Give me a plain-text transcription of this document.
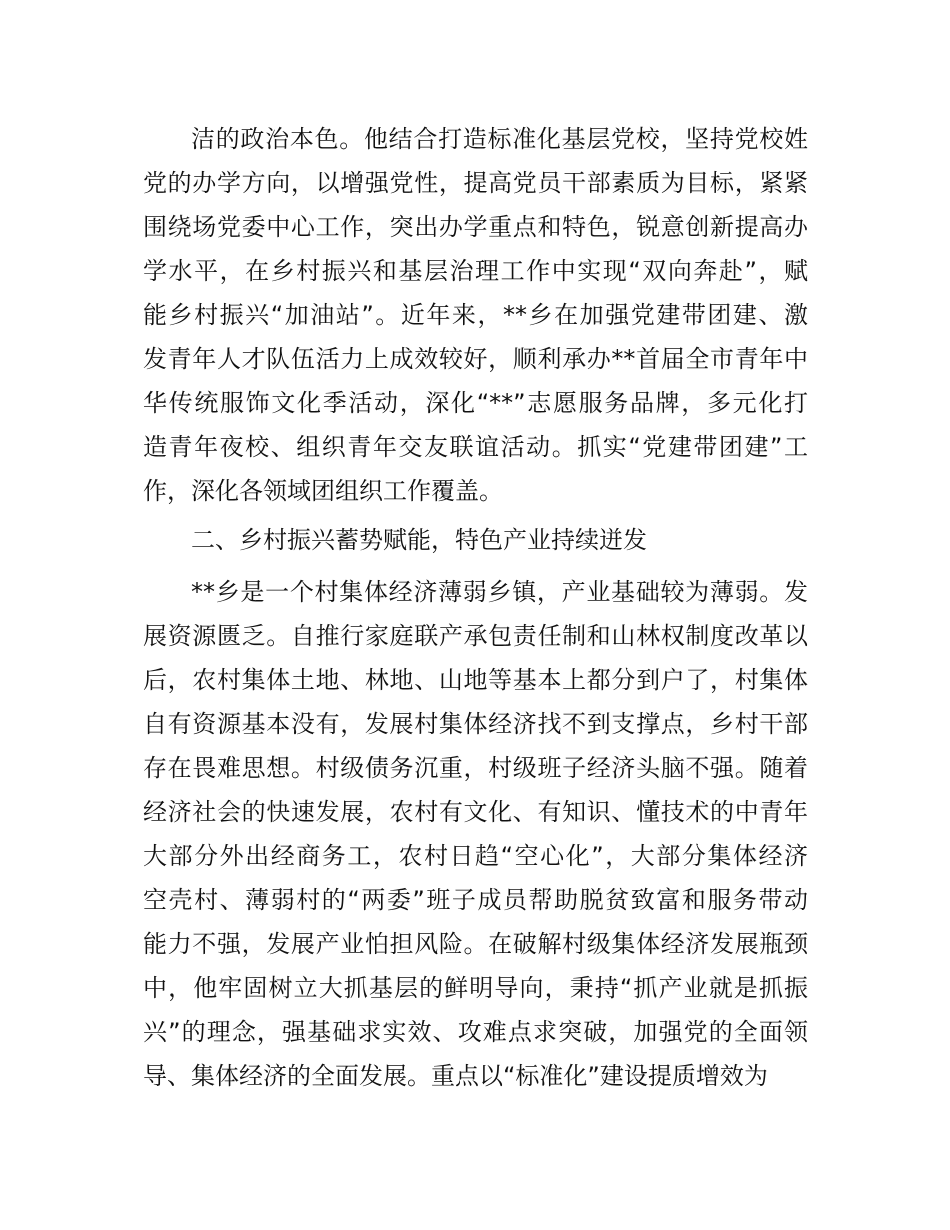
洁的政治本色。他结合打造标准化基层党校，坚持党校姓
党的办学方向，以增强党性，提高党员干部素质为目标，紧紧
围绕场党委中心工作，突出办学重点和特色，锐意创新提高办
学水平，在乡村振兴和基层治理工作中实现“双向奔赴”，赋
能乡村振兴“加油站”。近年来，**乡在加强党建带团建、激
发青年人才队伍活力上成效较好，顺利承办**首届全市青年中
华传统服饰文化季活动，深化“**”志愿服务品牌，多元化打
造青年夜校、组织青年交友联谊活动。抓实“党建带团建”工
作，深化各领域团组织工作覆盖。
二、乡村振兴蓄势赋能，特色产业持续迸发
**乡是一个村集体经济薄弱乡镇，产业基础较为薄弱。发
展资源匮乏。自推行家庭联产承包责任制和山林权制度改革以
后，农村集体土地、林地、山地等基本上都分到户了，村集体
自有资源基本没有，发展村集体经济找不到支撑点，乡村干部
存在畏难思想。村级债务沉重，村级班子经济头脑不强。随着
经济社会的快速发展，农村有文化、有知识、懂技术的中青年
大部分外出经商务工，农村日趋“空心化”，大部分集体经济
空壳村、薄弱村的“两委”班子成员帮助脱贫致富和服务带动
能力不强，发展产业怕担风险。在破解村级集体经济发展瓶颈
中，他牢固树立大抓基层的鲜明导向，秉持“抓产业就是抓振
兴”的理念，强基础求实效、攻难点求突破，加强党的全面领
导、集体经济的全面发展。重点以“标准化”建设提质增效为
